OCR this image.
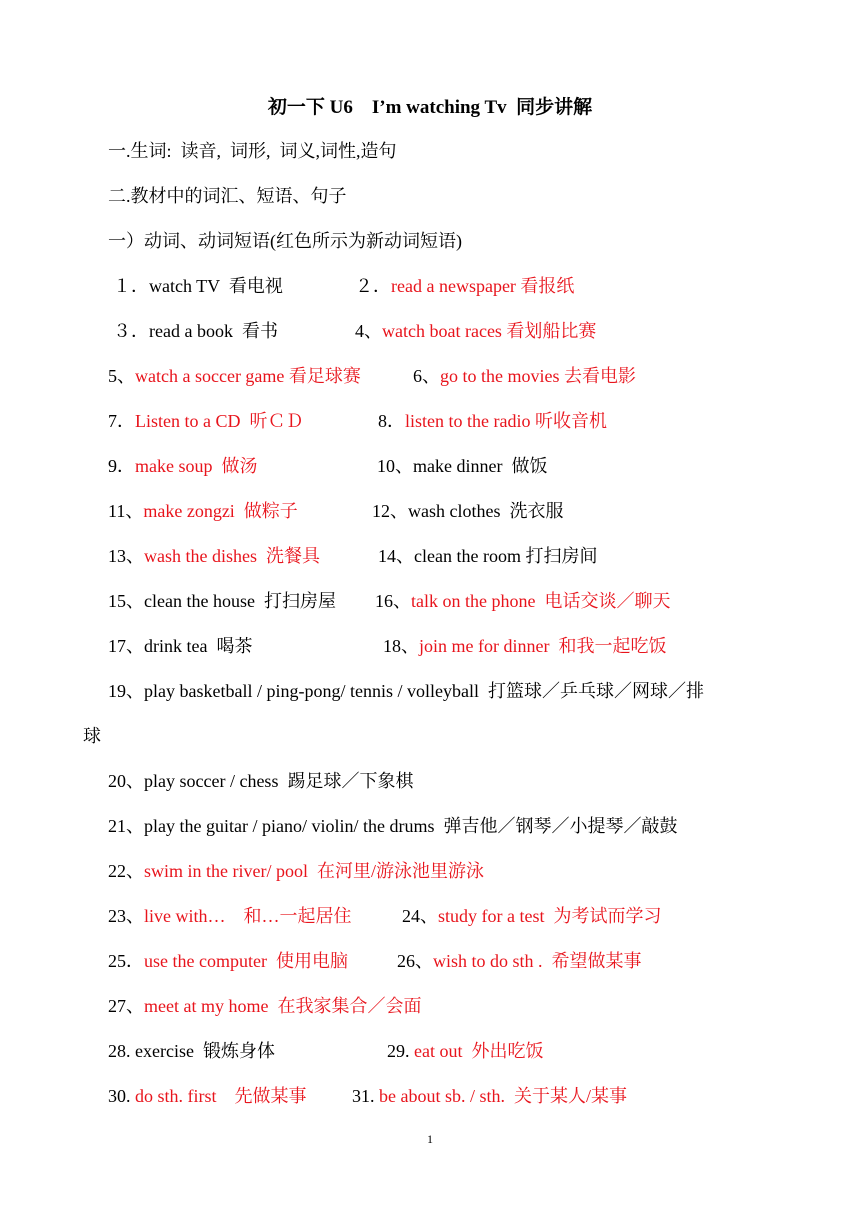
初一下 U6    I’m watching Tv  同步讲解
一.生词:  读音,  词形,  词义,词性,造句
二.教材中的词汇、短语、句子
一）动词、动词短语(红色所示为新动词短语)
１．watch TV  看电视	２．read a newspaper 看报纸
３．read a book  看书	4、watch boat races 看划船比赛
5、watch a soccer game 看足球赛	6、go to the movies 去看电影
7．Listen to a CD  听ＣＤ	8．listen to the radio 听收音机
9．make soup  做汤	10、make dinner  做饭
11、make zongzi  做粽子	12、wash clothes  洗衣服
13、wash the dishes  洗餐具	14、clean the room 打扫房间
15、clean the house  打扫房屋 16、talk on the phone  电话交谈／聊天
17、drink tea  喝茶	18、join me for dinner  和我一起吃饭
19、play basketball / ping-pong/ tennis / volleyball  打篮球／乒乓球／网球／排
球
20、play soccer / chess  踢足球／下象棋
21、play the guitar / piano/ violin/ the drums  弹吉他／钢琴／小提琴／敲鼓
22、swim in the river/ pool  在河里/游泳池里游泳
23、live with…    和…一起居住	24、study for a test  为考试而学习
25．use the computer  使用电脑	26、wish to do sth .  希望做某事
27、meet at my home  在我家集合／会面
28. exercise  锻炼身体	29. eat out  外出吃饭
30. do sth. first    先做某事	31. be about sb. / sth.  关于某人/某事
1
